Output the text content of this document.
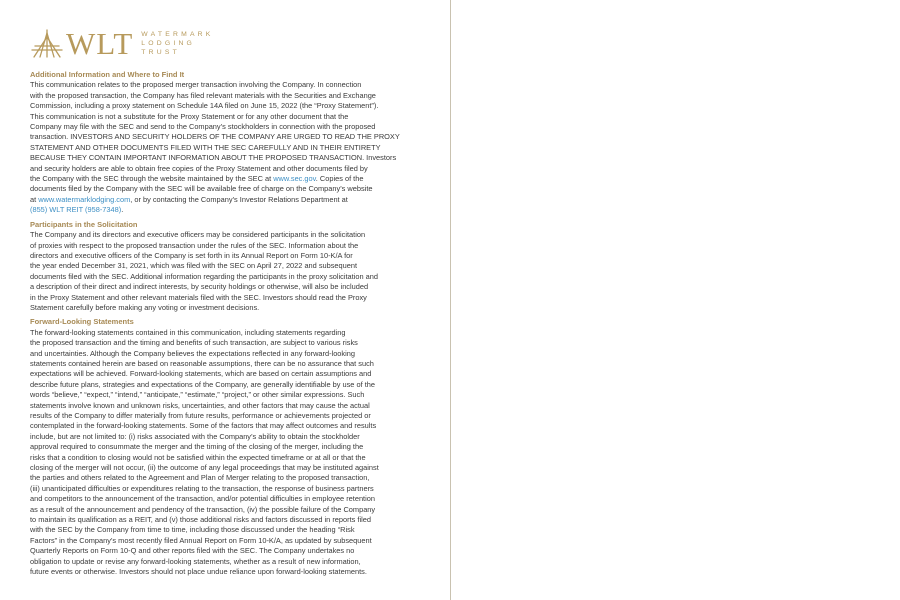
WLT WATERMARK
LODGING
TRUST
Additional Information and Where to Find It

This communication relates to the proposed merger transaction involving the Company. In connection
with the proposed transaction, the Company has filed relevant materials with the Securities and Exchange
Commission, including a proxy statement on Schedule 14A filed on June 15, 2022 (the “Proxy Statement”).
This communication is not a substitute for the Proxy Statement or for any other document that the
Company may file with the SEC and send to the Company’s stockholders in connection with the proposed
transaction. INVESTORS AND SECURITY HOLDERS OF THE COMPANY ARE URGED TO READ THE PROXY
STATEMENT AND OTHER DOCUMENTS FILED WITH THE SEC CAREFULLY AND IN THEIR ENTIRETY
BECAUSE THEY CONTAIN IMPORTANT INFORMATION ABOUT THE PROPOSED TRANSACTION. Investors
and security holders are able to obtain free copies of the Proxy Statement and other documents filed by
the Company with the SEC through the website maintained by the SEC at www.sec.gov. Copies of the
documents filed by the Company with the SEC will be available free of charge on the Company’s website
at www.watermarklodging.com, or by contacting the Company’s Investor Relations Department at
(855) WLT REIT (958-7348).

Participants in the Solicitation

The Company and its directors and executive officers may be considered participants in the solicitation
of proxies with respect to the proposed transaction under the rules of the SEC. Information about the
directors and executive officers of the Company is set forth in its Annual Report on Form 10-K/A for
the year ended December 31, 2021, which was filed with the SEC on April 27, 2022 and subsequent
documents filed with the SEC. Additional information regarding the participants in the proxy solicitation and
a description of their direct and indirect interests, by security holdings or otherwise, will also be included
in the Proxy Statement and other relevant materials filed with the SEC. Investors should read the Proxy
Statement carefully before making any voting or investment decisions.

Forward-Looking Statements

The forward-looking statements contained in this communication, including statements regarding
the proposed transaction and the timing and benefits of such transaction, are subject to various risks
and uncertainties. Although the Company believes the expectations reflected in any forward-looking
statements contained herein are based on reasonable assumptions, there can be no assurance that such
expectations will be achieved. Forward-looking statements, which are based on certain assumptions and
describe future plans, strategies and expectations of the Company, are generally identifiable by use of the
words “believe,” “expect,” “intend,” “anticipate,” “estimate,” “project,” or other similar expressions. Such
statements involve known and unknown risks, uncertainties, and other factors that may cause the actual
results of the Company to differ materially from future results, performance or achievements projected or
contemplated in the forward-looking statements. Some of the factors that may affect outcomes and results
include, but are not limited to: (i) risks associated with the Company’s ability to obtain the stockholder
approval required to consummate the merger and the timing of the closing of the merger, including the
risks that a condition to closing would not be satisfied within the expected timeframe or at all or that the
closing of the merger will not occur, (ii) the outcome of any legal proceedings that may be instituted against
the parties and others related to the Agreement and Plan of Merger relating to the proposed transaction,
(iii) unanticipated difficulties or expenditures relating to the transaction, the response of business partners
and competitors to the announcement of the transaction, and/or potential difficulties in employee retention
as a result of the announcement and pendency of the transaction, (iv) the possible failure of the Company
to maintain its qualification as a REIT, and (v) those additional risks and factors discussed in reports filed
with the SEC by the Company from time to time, including those discussed under the heading “Risk
Factors” in the Company’s most recently filed Annual Report on Form 10-K/A, as updated by subsequent
Quarterly Reports on Form 10-Q and other reports filed with the SEC. The Company undertakes no
obligation to update or revise any forward-looking statements, whether as a result of new information,
future events or otherwise. Investors should not place undue reliance upon forward-looking statements.
